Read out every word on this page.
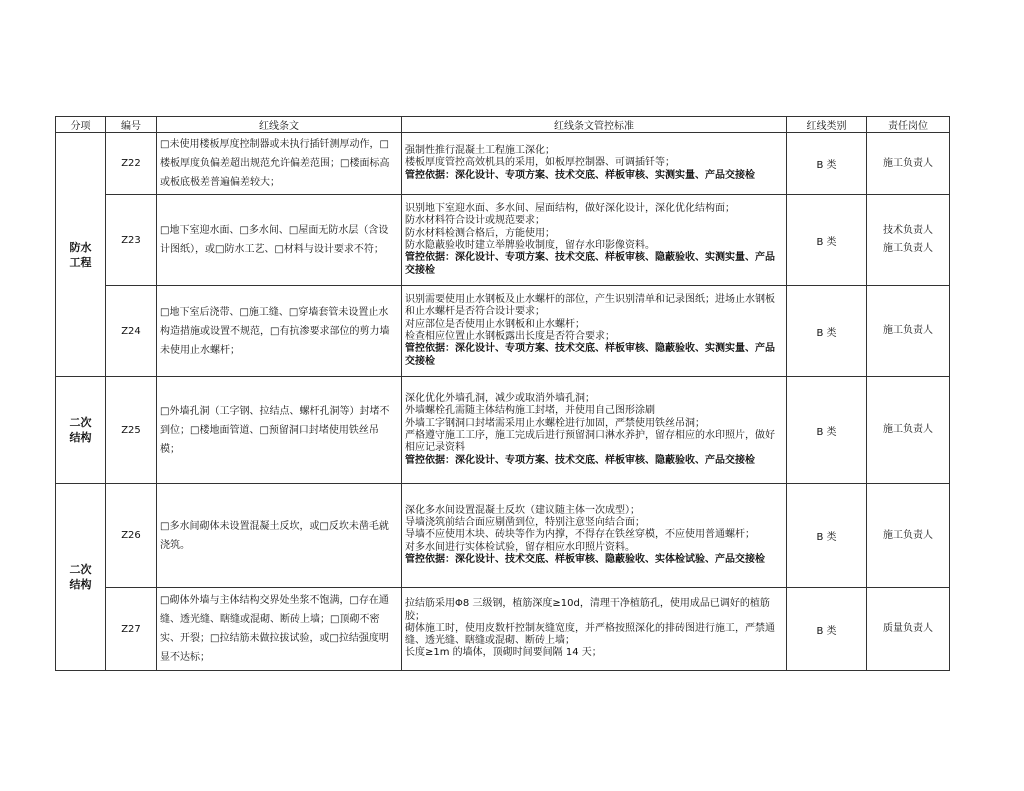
分项	编号	红线条文	红线条文管控标准	红线类别	责任岗位
防水工程	Z22	□未使用楼板厚度控制器或未执行插钎测厚动作，□楼板厚度负偏差超出规范允许偏差范围；□楼面标高或板底极差普遍偏差较大；	强制性推行混凝土工程施工深化；
楼板厚度管控高效机具的采用，如板厚控制器、可调插钎等；
管控依据：深化设计、专项方案、技术交底、样板审核、实测实量、产品交接检	B 类	施工负责人

	Z23	□地下室迎水面、□多水间、□屋面无防水层（含设计图纸），或□防水工艺、□材料与设计要求不符；	识别地下室迎水面、多水间、屋面结构，做好深化设计，深化优化结构面；
防水材料符合设计或规范要求；
防水材料检测合格后，方能使用；
防水隐蔽验收时建立举牌验收制度，留存水印影像资料。
管控依据：深化设计、专项方案、技术交底、样板审核、隐蔽验收、实测实量、产品交接检	B 类	技术负责人
施工负责人

	Z24	□地下室后浇带、□施工缝、□穿墙套管未设置止水构造措施或设置不规范，□有抗渗要求部位的剪力墙未使用止水螺杆；	识别需要使用止水钢板及止水螺杆的部位，产生识别清单和记录图纸；进场止水钢板和止水螺杆是否符合设计要求；
对应部位是否使用止水钢板和止水螺杆；
检查相应位置止水钢板露出长度是否符合要求；
管控依据：深化设计、专项方案、技术交底、样板审核、隐蔽验收、实测实量、产品交接检	B 类	施工负责人

二次结构	Z25	□外墙孔洞（工字钢、拉结点、螺杆孔洞等）封堵不到位；□楼地面管道、□预留洞口封堵使用铁丝吊模；	深化优化外墙孔洞，减少或取消外墙孔洞；
外墙螺栓孔需随主体结构施工封堵，并使用自己图形涂刷
外墙工字钢洞口封堵需采用止水螺栓进行加固，严禁使用铁丝吊洞；
严格遵守施工工序，施工完成后进行预留洞口淋水养护，留存相应的水印照片，做好相应记录资料
管控依据：深化设计、专项方案、技术交底、样板审核、隐蔽验收、产品交接检	B 类	施工负责人

二次结构	Z26	□多水间砌体未设置混凝土反坎，或□反坎未凿毛就浇筑。	深化多水间设置混凝土反坎（建议随主体一次成型）；
导墙浇筑前结合面应剔凿到位，特别注意竖向结合面；
导墙不应使用木块、砖块等作为内撑，不得存在铁丝穿模，不应使用普通螺杆；
对多水间进行实体检试验，留存相应水印照片资料。
管控依据：深化设计、技术交底、样板审核、隐蔽验收、实体检试验、产品交接检	B 类	施工负责人

	Z27	□砌体外墙与主体结构交界处坐浆不饱满，□存在通缝、透光缝、瞎缝或混砌、断砖上墙；□顶砌不密实、开裂；□拉结筋未做拉拔试验，或□拉结强度明显不达标；	拉结筋采用Φ8 三级钢，植筋深度≥10d，清理干净植筋孔，使用成品已调好的植筋胶；
砌体施工时，使用皮数杆控制灰缝宽度，并严格按照深化的排砖图进行施工，严禁通缝、透光缝、瞎缝或混砌、断砖上墙；
长度≥1m 的墙体，顶砌时间要间隔 14 天；	B 类	质量负责人
